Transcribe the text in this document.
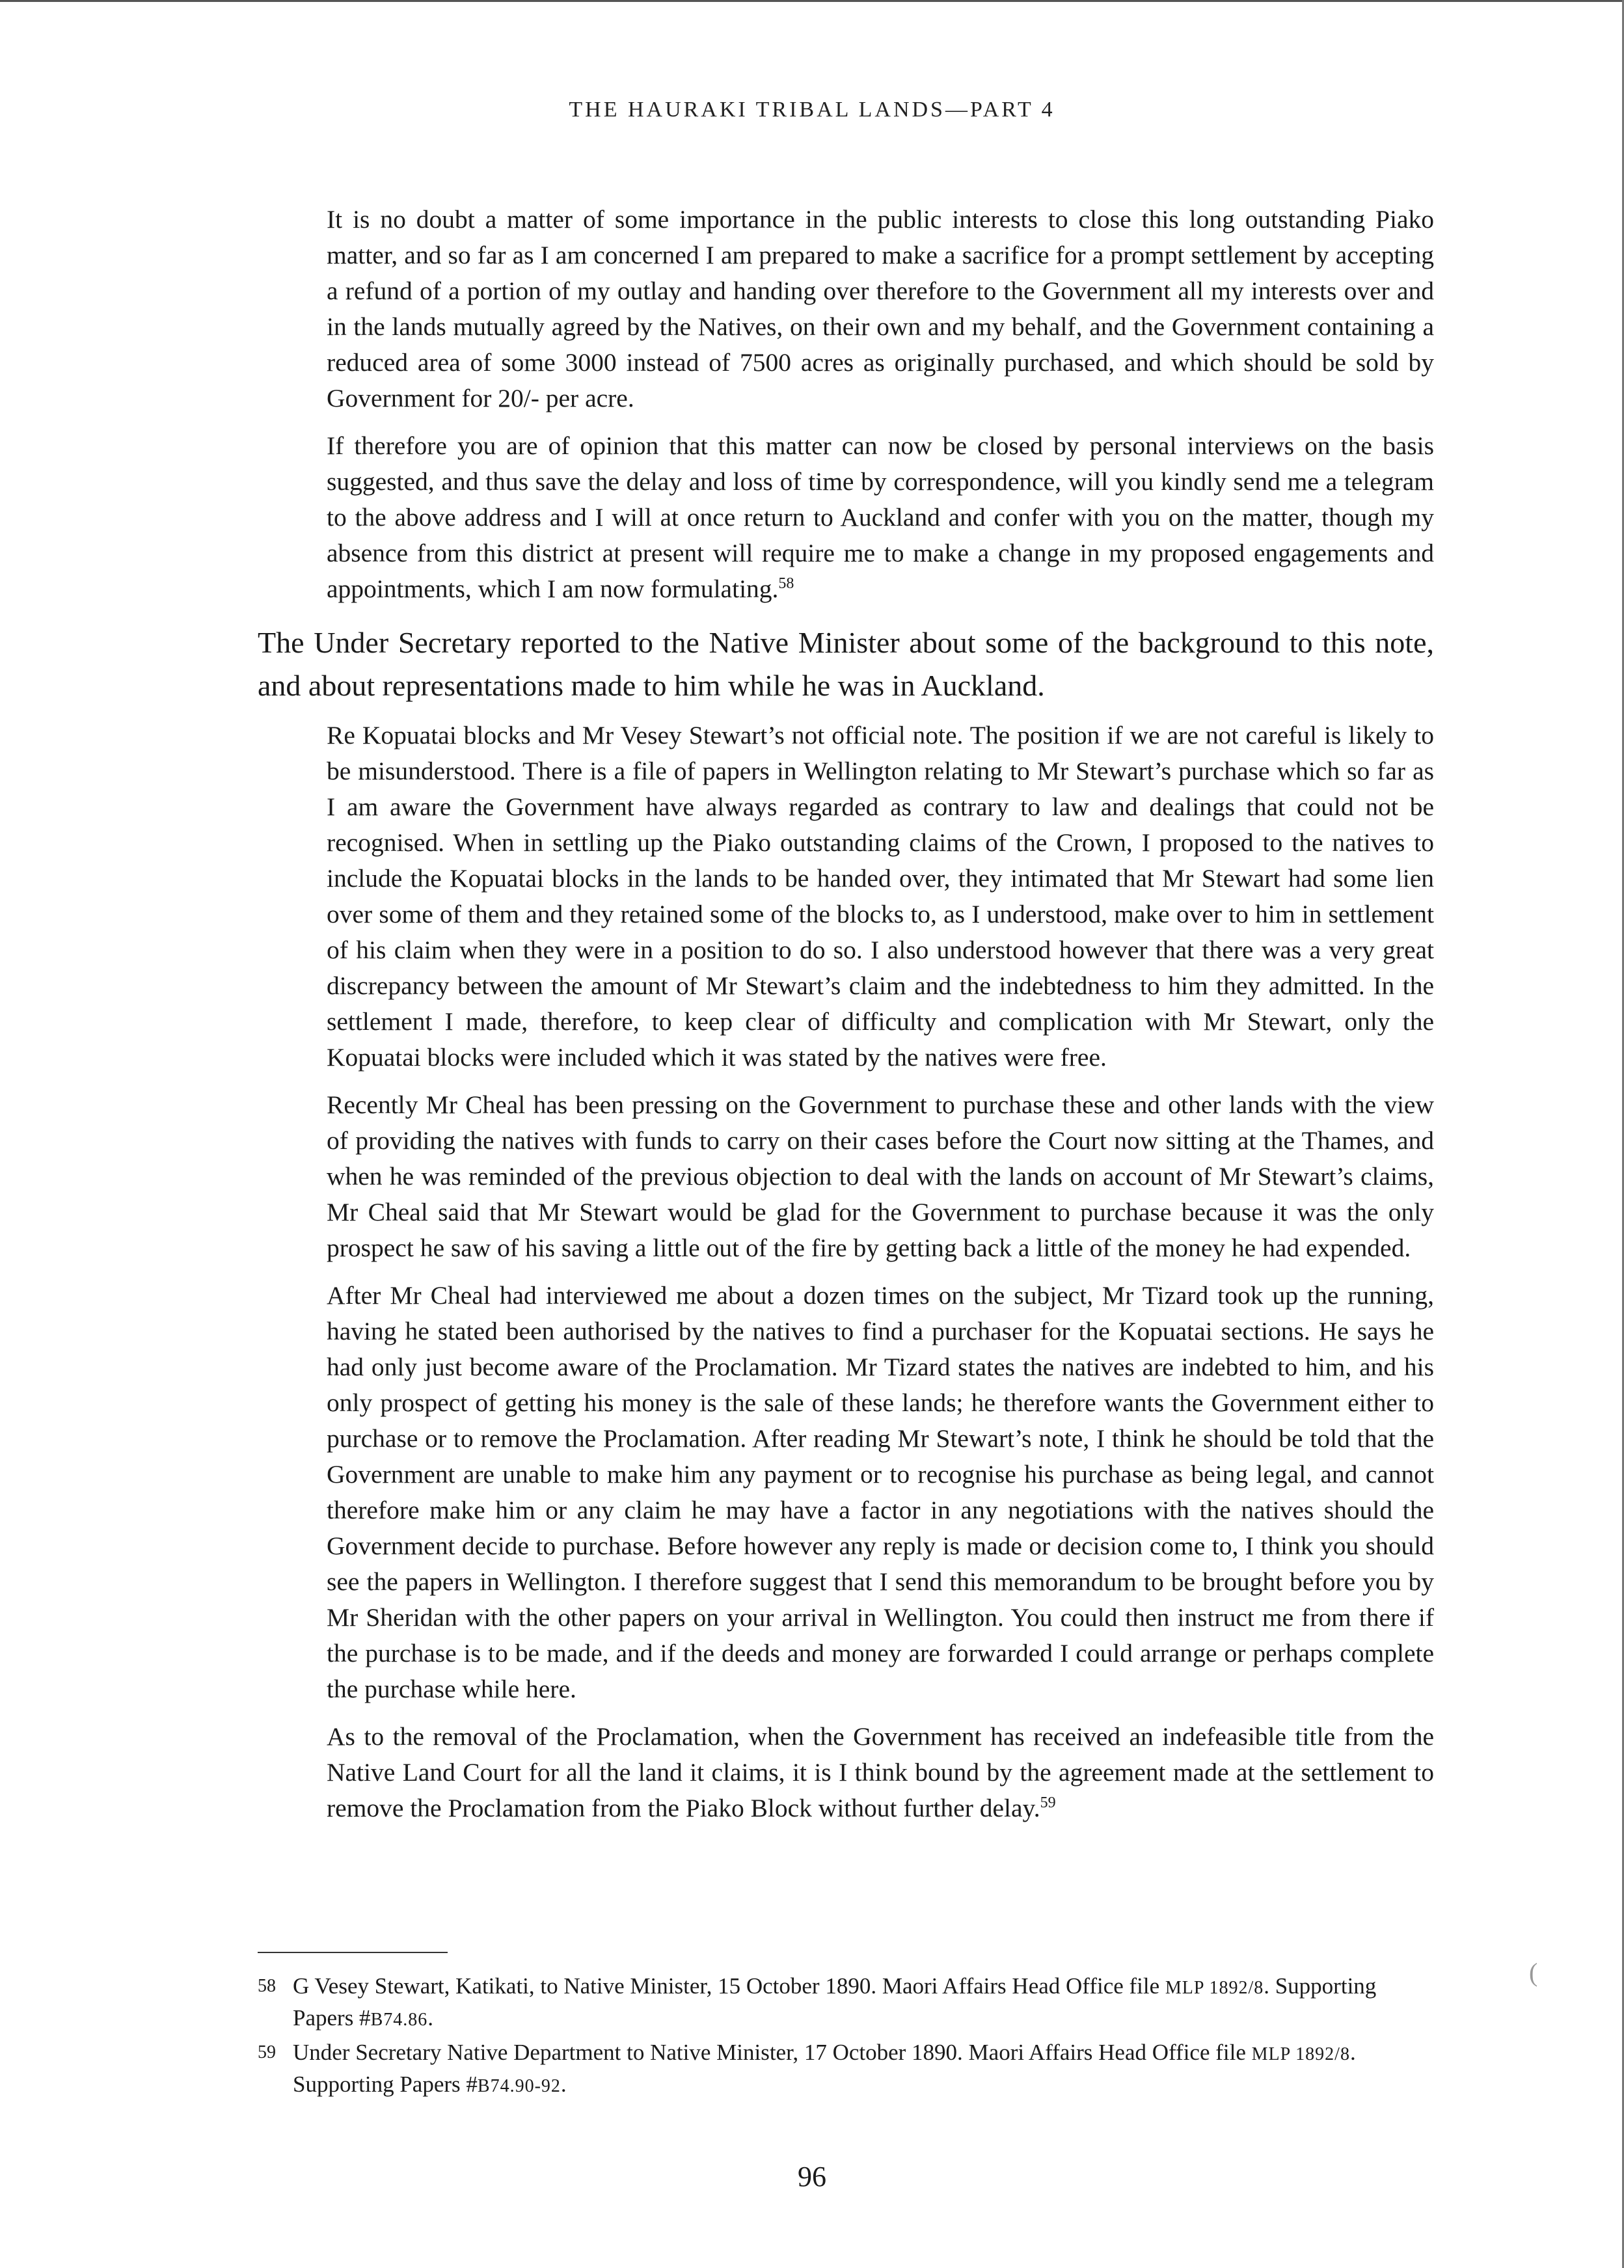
THE HAURAKI TRIBAL LANDS—PART 4

It is no doubt a matter of some importance in the public interests to close this long outstanding Piako matter, and so far as I am concerned I am prepared to make a sacrifice for a prompt settlement by accepting a refund of a portion of my outlay and handing over therefore to the Government all my interests over and in the lands mutually agreed by the Natives, on their own and my behalf, and the Government containing a reduced area of some 3000 instead of 7500 acres as originally purchased, and which should be sold by Government for 20/- per acre.

If therefore you are of opinion that this matter can now be closed by personal interviews on the basis suggested, and thus save the delay and loss of time by correspondence, will you kindly send me a telegram to the above address and I will at once return to Auckland and confer with you on the matter, though my absence from this district at present will require me to make a change in my proposed engagements and appointments, which I am now formulating.$^{58}$

The Under Secretary reported to the Native Minister about some of the background to this note, and about representations made to him while he was in Auckland.

Re Kopuatai blocks and Mr Vesey Stewart’s not official note. The position if we are not careful is likely to be misunderstood. There is a file of papers in Wellington relating to Mr Stewart’s purchase which so far as I am aware the Government have always regarded as contrary to law and dealings that could not be recognised. When in settling up the Piako outstanding claims of the Crown, I proposed to the natives to include the Kopuatai blocks in the lands to be handed over, they intimated that Mr Stewart had some lien over some of them and they retained some of the blocks to, as I understood, make over to him in settlement of his claim when they were in a position to do so. I also understood however that there was a very great discrepancy between the amount of Mr Stewart’s claim and the indebtedness to him they admitted. In the settlement I made, therefore, to keep clear of difficulty and complication with Mr Stewart, only the Kopuatai blocks were included which it was stated by the natives were free.

Recently Mr Cheal has been pressing on the Government to purchase these and other lands with the view of providing the natives with funds to carry on their cases before the Court now sitting at the Thames, and when he was reminded of the previous objection to deal with the lands on account of Mr Stewart’s claims, Mr Cheal said that Mr Stewart would be glad for the Government to purchase because it was the only prospect he saw of his saving a little out of the fire by getting back a little of the money he had expended.

After Mr Cheal had interviewed me about a dozen times on the subject, Mr Tizard took up the running, having he stated been authorised by the natives to find a purchaser for the Kopuatai sections. He says he had only just become aware of the Proclamation. Mr Tizard states the natives are indebted to him, and his only prospect of getting his money is the sale of these lands; he therefore wants the Government either to purchase or to remove the Proclamation. After reading Mr Stewart’s note, I think he should be told that the Government are unable to make him any payment or to recognise his purchase as being legal, and cannot therefore make him or any claim he may have a factor in any negotiations with the natives should the Government decide to purchase. Before however any reply is made or decision come to, I think you should see the papers in Wellington. I therefore suggest that I send this memorandum to be brought before you by Mr Sheridan with the other papers on your arrival in Wellington. You could then instruct me from there if the purchase is to be made, and if the deeds and money are forwarded I could arrange or perhaps complete the purchase while here.

As to the removal of the Proclamation, when the Government has received an indefeasible title from the Native Land Court for all the land it claims, it is I think bound by the agreement made at the settlement to remove the Proclamation from the Piako Block without further delay.$^{59}$

58 G Vesey Stewart, Katikati, to Native Minister, 15 October 1890. Maori Affairs Head Office file MLP 1892/8. Supporting Papers #B74.86.
59 Under Secretary Native Department to Native Minister, 17 October 1890. Maori Affairs Head Office file MLP 1892/8. Supporting Papers #B74.90-92.
(
96
